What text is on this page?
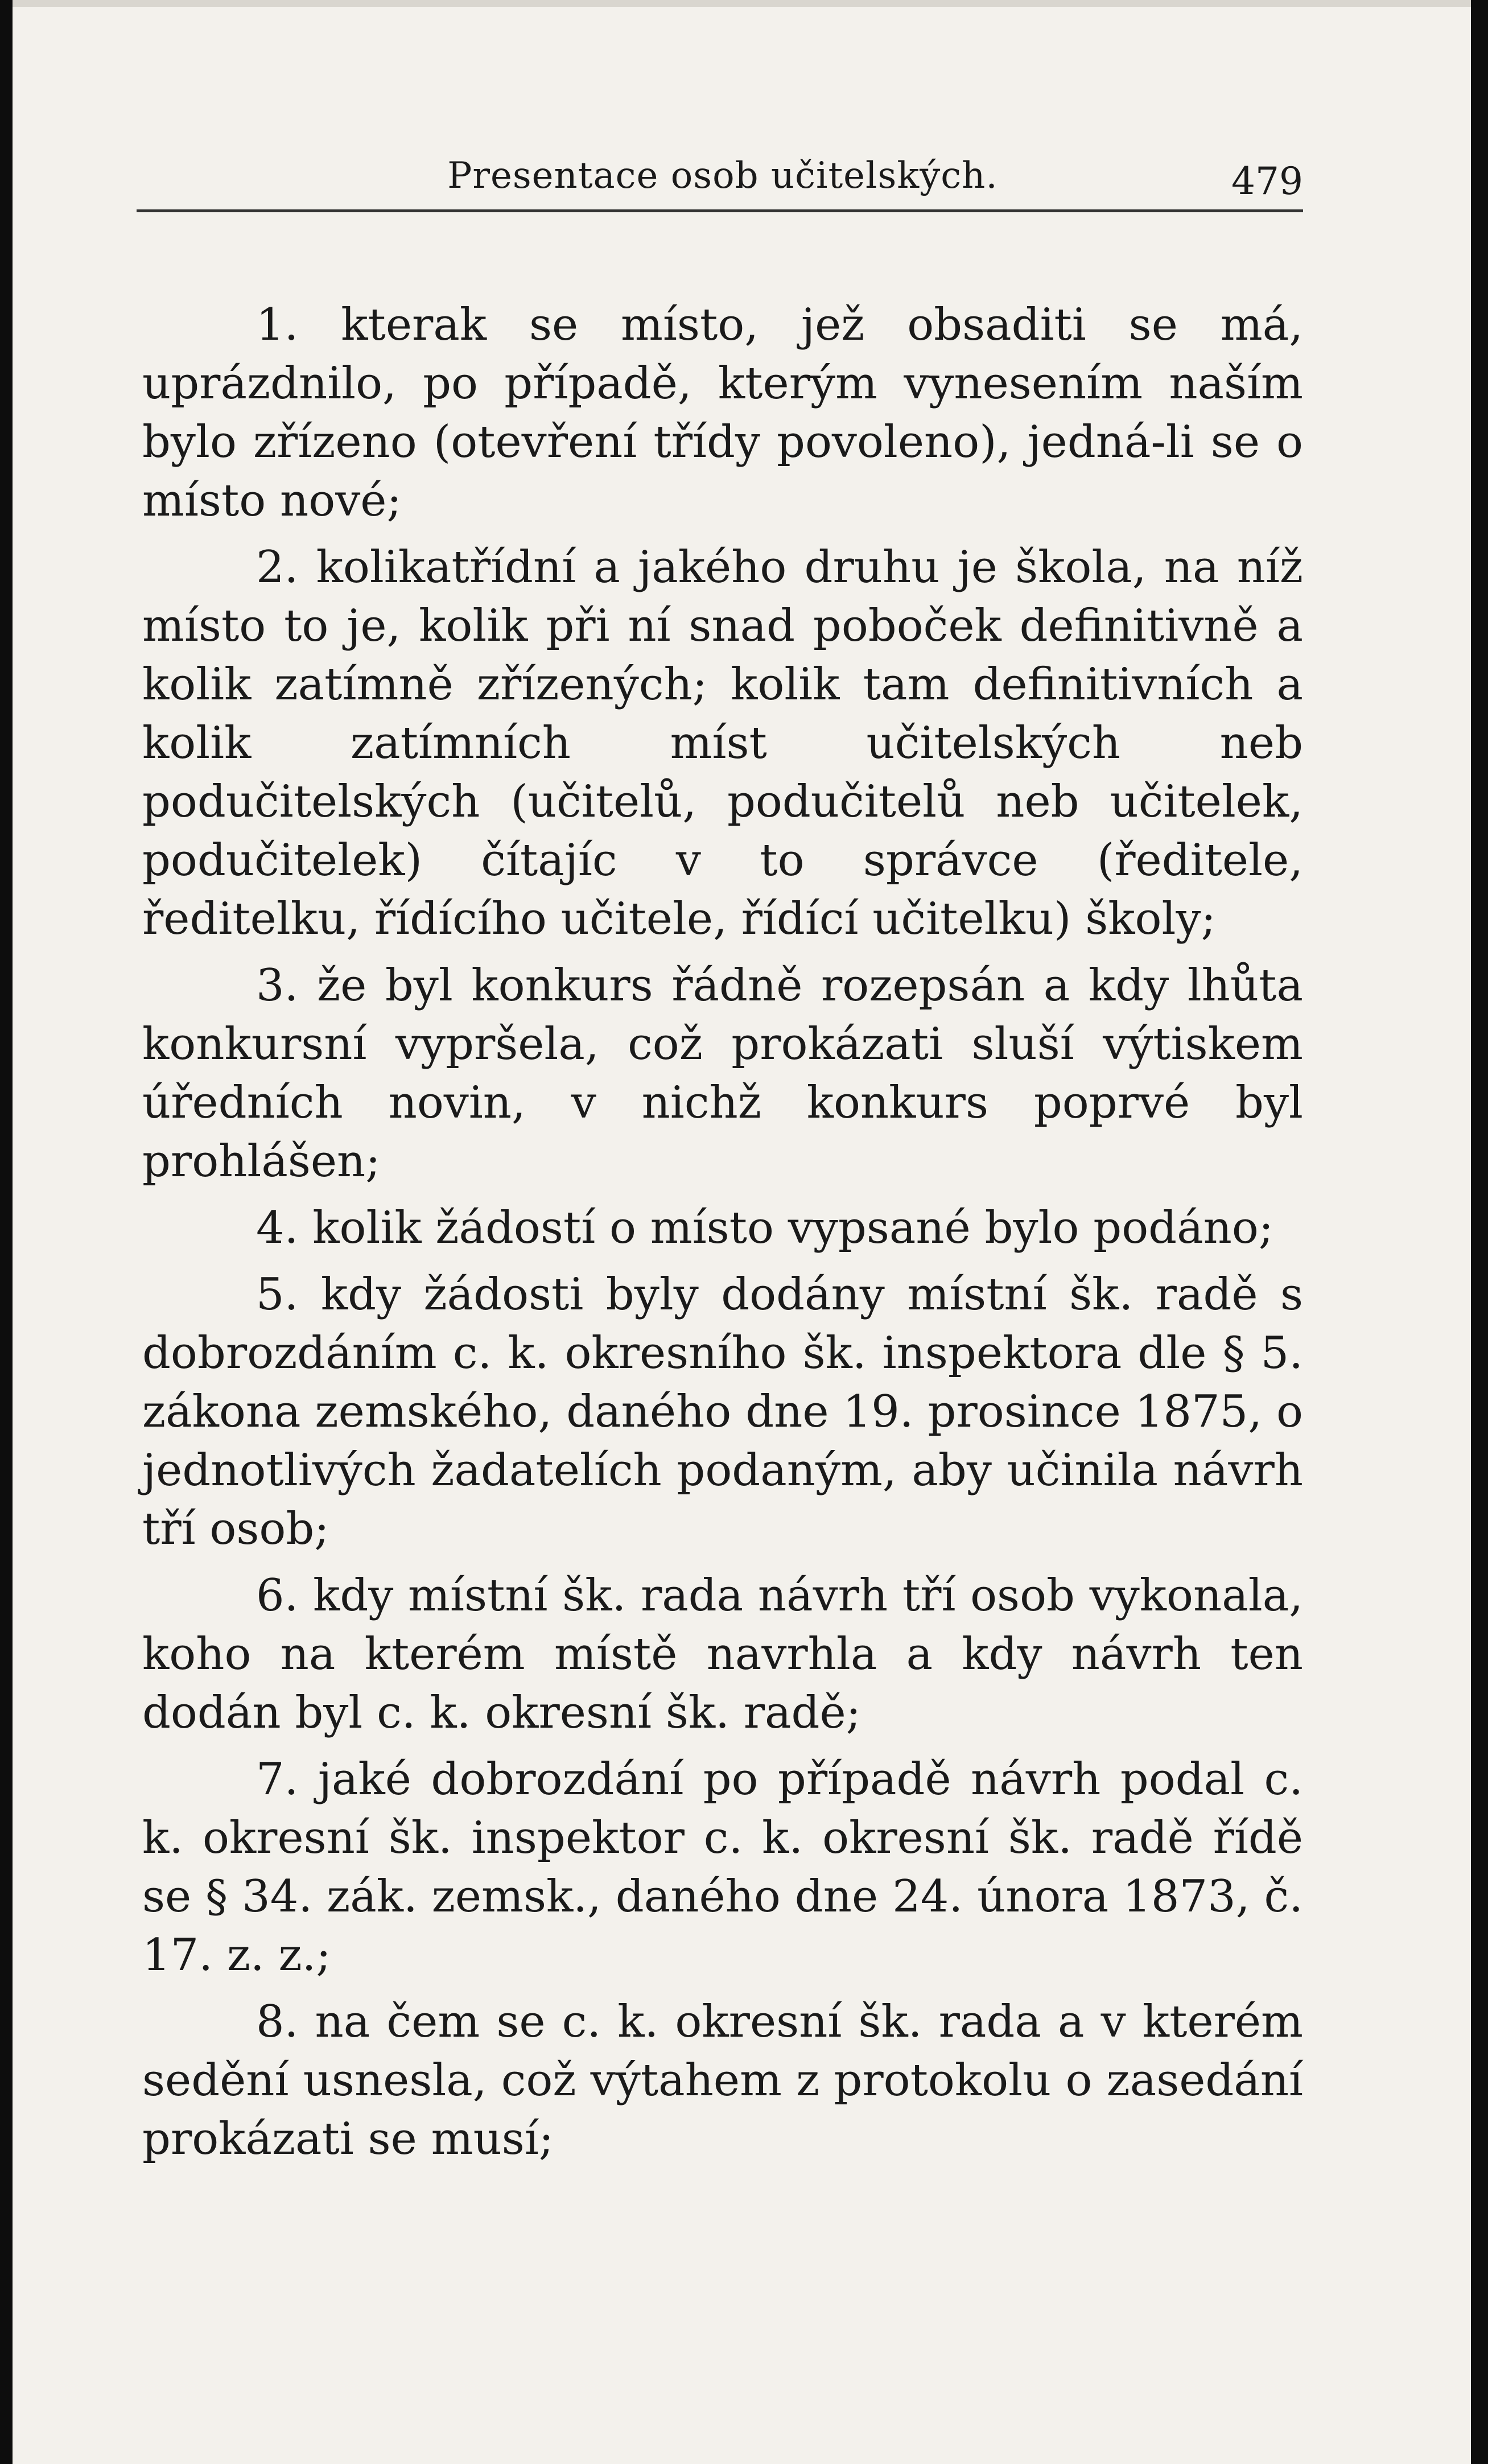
Presentace osob učitelských.	479

1. kterak se místo, jež obsaditi se má, uprázdnilo, po případě, kterým vynesením naším bylo zřízeno (otevření třídy povoleno), jedná-li se o místo nové;

2. kolikatřídní a jakého druhu je škola, na níž místo to je, kolik při ní snad poboček definitivně a kolik zatímně zřízených; kolik tam definitivních a kolik zatímních míst učitelských neb podučitelských (učitelů, podučitelů neb učitelek, podučitelek) čítajíc v to správce (ředitele, ředitelku, řídícího učitele, řídící učitelku) školy;

3. že byl konkurs řádně rozepsán a kdy lhůta konkursní vypršela, což prokázati sluší výtiskem úředních novin, v nichž konkurs poprvé byl prohlášen;

4. kolik žádostí o místo vypsané bylo podáno;

5. kdy žádosti byly dodány místní šk. radě s dobrozdáním c. k. okresního šk. inspektora dle § 5. zákona zemského, daného dne 19. prosince 1875, o jednotlivých žadatelích podaným, aby učinila návrh tří osob;

6. kdy místní šk. rada návrh tří osob vykonala, koho na kterém místě navrhla a kdy návrh ten dodán byl c. k. okresní šk. radě;

7. jaké dobrozdání po případě návrh podal c. k. okresní šk. inspektor c. k. okresní šk. radě řídě se § 34. zák. zemsk., daného dne 24. února 1873, č. 17. z. z.;

8. na čem se c. k. okresní šk. rada a v kterém sedění usnesla, což výtahem z protokolu o zasedání prokázati se musí;
